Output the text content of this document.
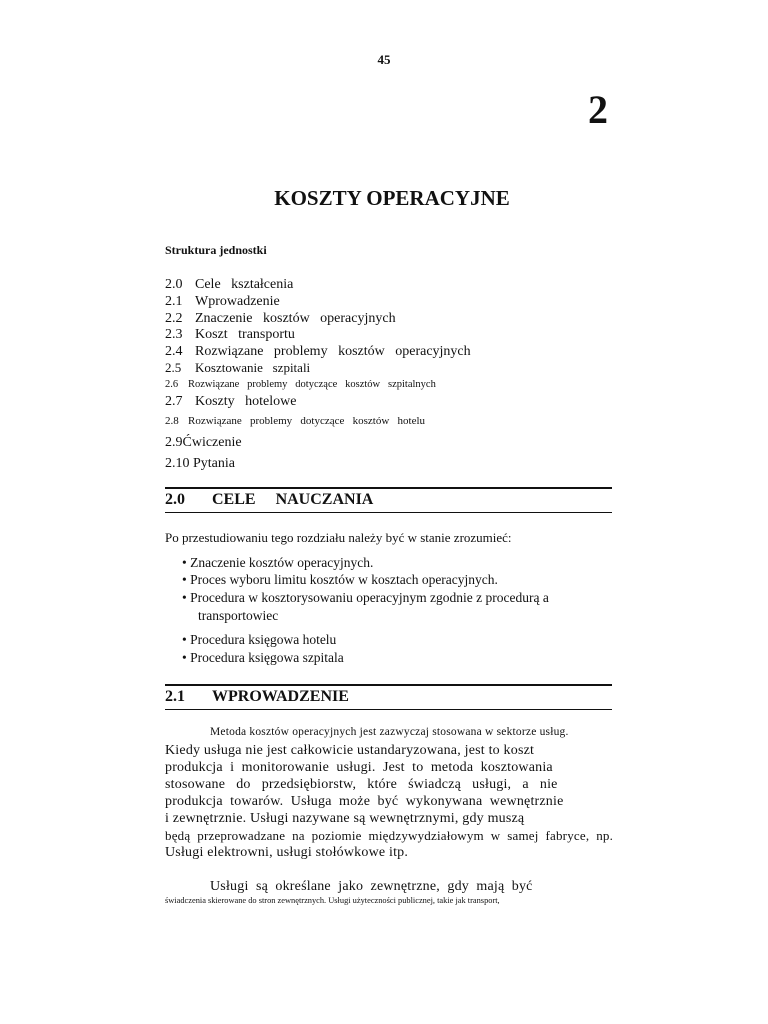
45
2
KOSZTY OPERACYJNE
Struktura jednostki
2.0 Cele   kształcenia
2.1 Wprowadzenie
2.2 Znaczenie   kosztów   operacyjnych
2.3 Koszt   transportu
2.4 Rozwiązane   problemy   kosztów   operacyjnych
2.5 Kosztowanie   szpitali
2.6 Rozwiązane   problemy   dotyczące   kosztów   szpitalnych
2.7 Koszty   hotelowe
2.8 Rozwiązane   problemy   dotyczące   kosztów   hotelu
2.9Ćwiczenie
2.10 Pytania
2.0 CELE     NAUCZANIA
Po przestudiowaniu tego rozdziału należy być w stanie zrozumieć:
• Znaczenie kosztów operacyjnych.
• Proces wyboru limitu kosztów w kosztach operacyjnych.
• Procedura w kosztorysowaniu operacyjnym zgodnie z procedurą a
transportowiec
• Procedura księgowa hotelu
• Procedura księgowa szpitala
2.1 WPROWADZENIE
Metoda kosztów operacyjnych jest zazwyczaj stosowana w sektorze usług.
Kiedy usługa nie jest całkowicie ustandaryzowana, jest to koszt
produkcja  i  monitorowanie  usługi.  Jest  to  metoda  kosztowania
stosowane   do   przedsiębiorstw,   które   świadczą   usługi,   a   nie
produkcja  towarów.  Usługa  może  być  wykonywana  wewnętrznie
i zewnętrznie. Usługi nazywane są wewnętrznymi, gdy muszą
będą  przeprowadzane  na  poziomie  międzywydziałowym  w  samej  fabryce,  np.
Usługi elektrowni, usługi stołówkowe itp.
Usługi  są  określane  jako  zewnętrzne,  gdy  mają  być
świadczenia skierowane do stron zewnętrznych. Usługi użyteczności publicznej, takie jak transport,
